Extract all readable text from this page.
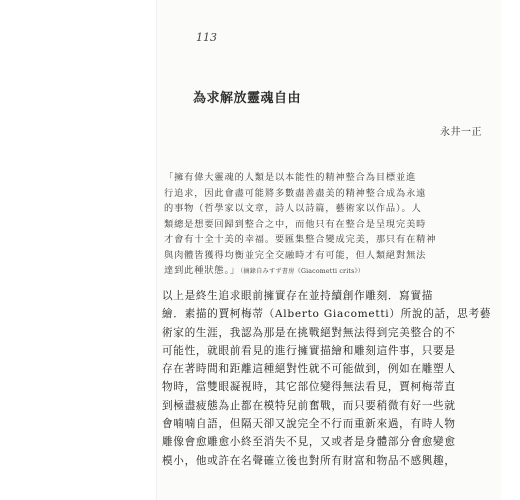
113
為求解放靈魂自由
永井一正
「擁有偉大靈魂的人類是以本能性的精神整合為目標並進
行追求，因此會盡可能將多數盡善盡美的精神整合成為永遠
的事物（哲學家以文章，詩人以詩篇，藝術家以作品）。人
類總是想要回歸到整合之中，而他只有在整合是呈現完美時
才會有十全十美的幸福。要匯集整合變成完美，那只有在精神
與肉體皆獲得均衡並完全交融時才有可能，但人類絕對無法
達到此種狀態。」（摘錄自みすず書房《Giacometti crits》）
以上是終生追求眼前擁實存在並持續創作雕刻．寫實描
繪．素描的賈柯梅蒂（Alberto Giacometti）所說的話，思考藝
術家的生涯，我認為那是在挑戰絕對無法得到完美整合的不
可能性，就眼前看見的進行擁實描繪和雕刻這件事，只要是
存在著時間和距離這種絕對性就不可能做到，例如在雕塑人
物時，當雙眼凝視時，其它部位變得無法看見，賈柯梅蒂直
到極盡疲態為止都在模特兒前奮戰，而只要稍微有好一些就
會喃喃自語，但隔天卻又說完全不行而重新來過，有時人物
雕像會愈雕愈小終至消失不見，又或者是身體部分會愈變愈
模小，他或許在名聲確立後也對所有財富和物品不感興趣，
